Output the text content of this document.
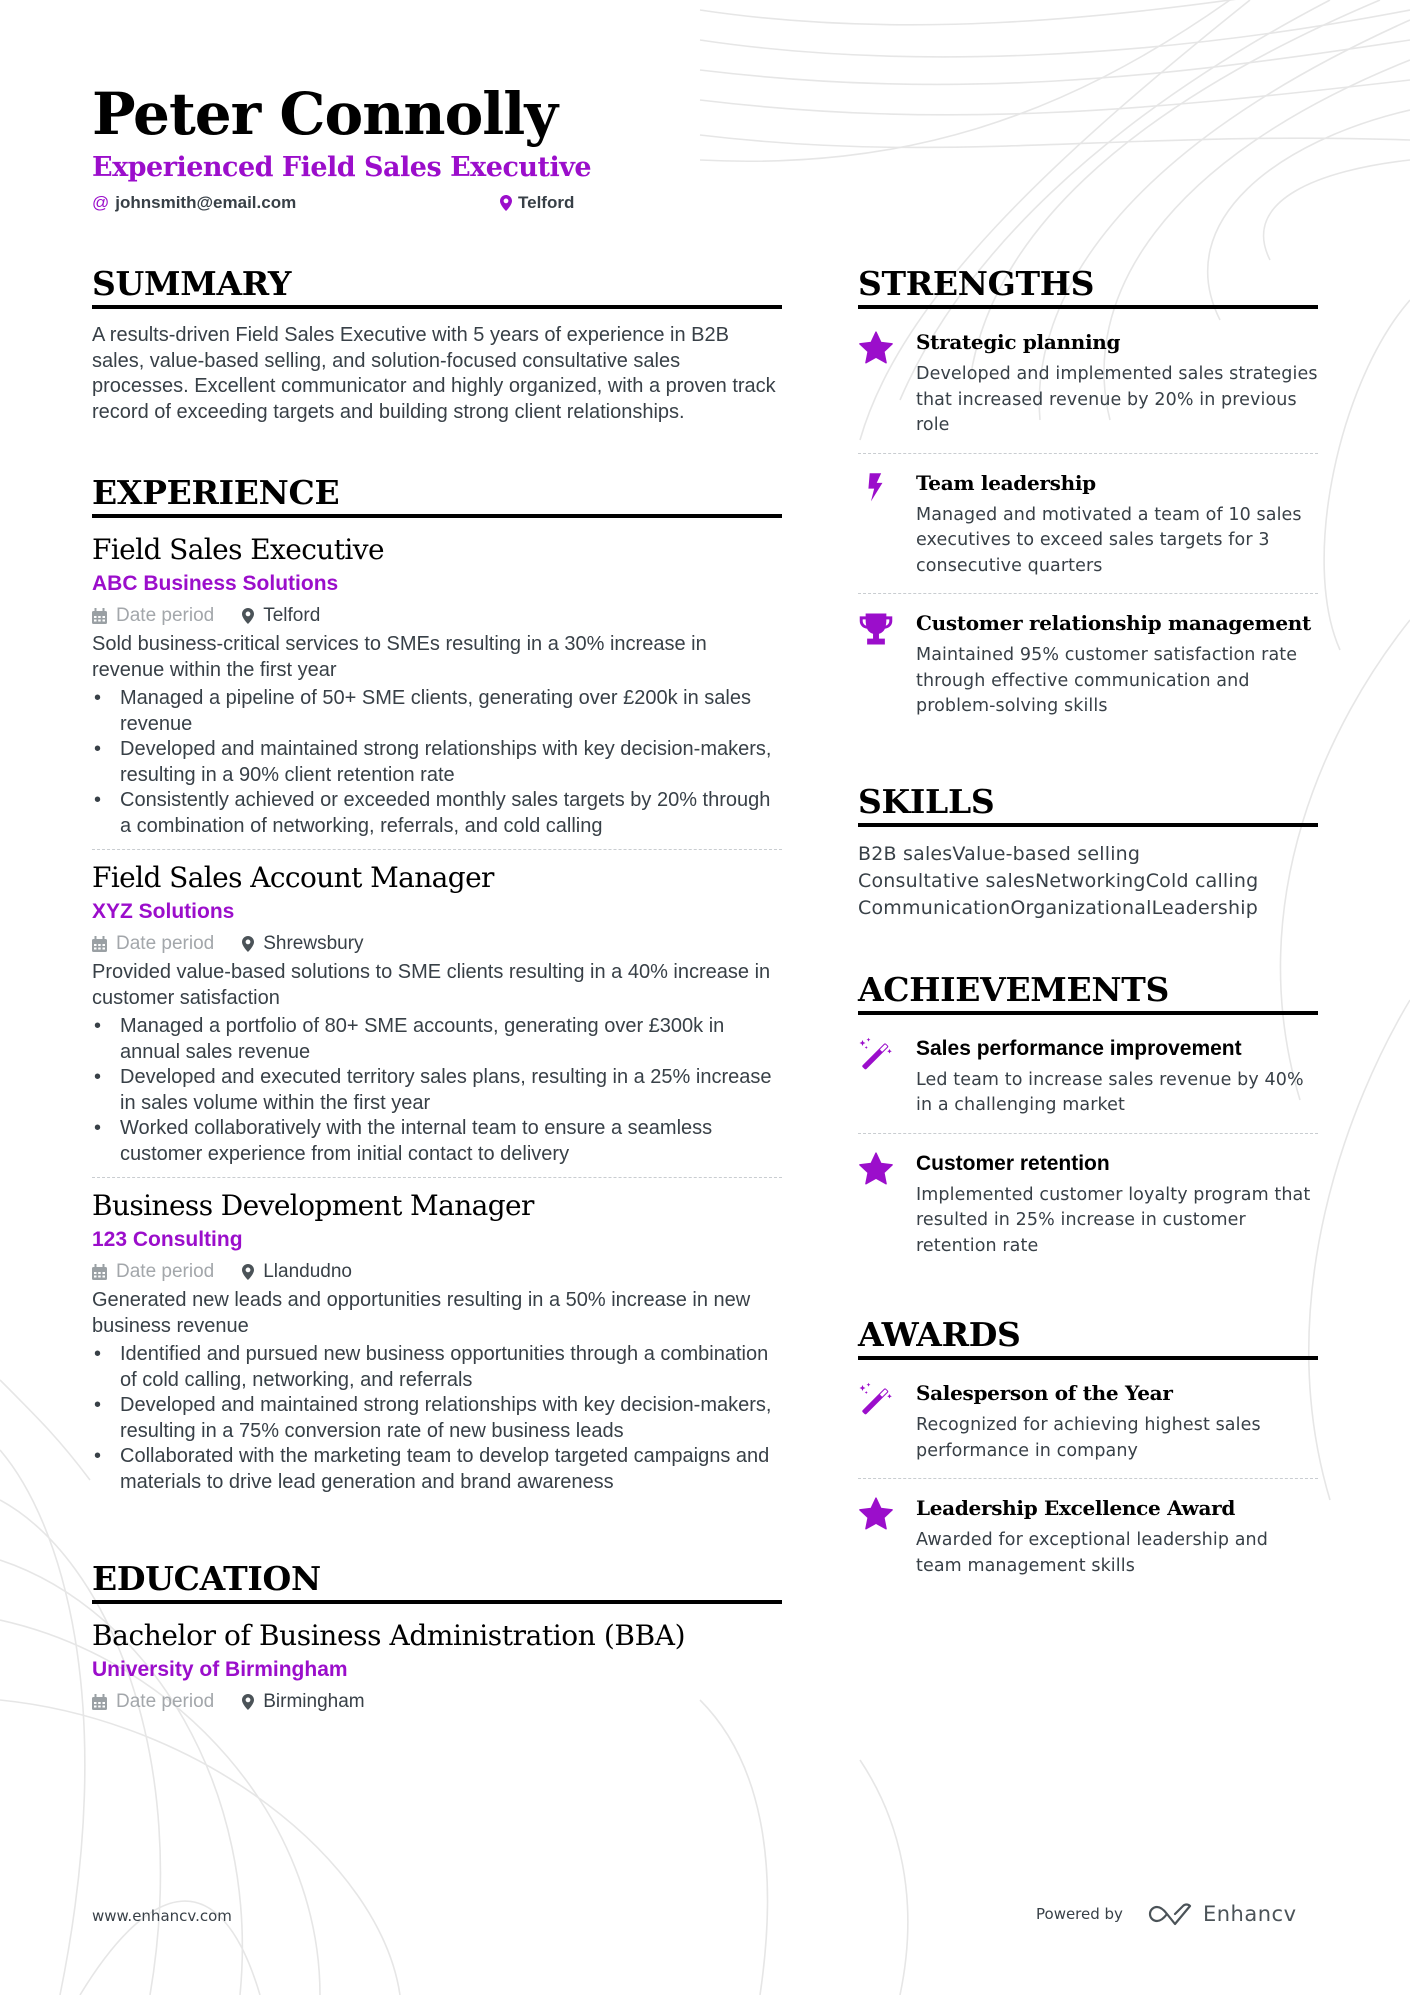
Peter Connolly
Experienced Field Sales Executive
@ johnsmith@email.com	Telford
SUMMARY

A results-driven Field Sales Executive with 5 years of experience in B2B sales, value-based selling, and solution-focused consultative sales processes. Excellent communicator and highly organized, with a proven track record of exceeding targets and building strong client relationships.

EXPERIENCE
Field Sales Executive
ABC Business Solutions
Date period	Telford

Sold business-critical services to SMEs resulting in a 30% increase in revenue within the first year

• Managed a pipeline of 50+ SME clients, generating over £200k in sales revenue
• Developed and maintained strong relationships with key decision-makers, resulting in a 90% client retention rate
• Consistently achieved or exceeded monthly sales targets by 20% through a combination of networking, referrals, and cold calling
Field Sales Account Manager
XYZ Solutions
Date period	Shrewsbury

Provided value-based solutions to SME clients resulting in a 40% increase in customer satisfaction

• Managed a portfolio of 80+ SME accounts, generating over £300k in annual sales revenue
• Developed and executed territory sales plans, resulting in a 25% increase in sales volume within the first year
• Worked collaboratively with the internal team to ensure a seamless customer experience from initial contact to delivery
Business Development Manager
123 Consulting
Date period	Llandudno

Generated new leads and opportunities resulting in a 50% increase in new business revenue

• Identified and pursued new business opportunities through a combination of cold calling, networking, and referrals
• Developed and maintained strong relationships with key decision-makers, resulting in a 75% conversion rate of new business leads
• Collaborated with the marketing team to develop targeted campaigns and materials to drive lead generation and brand awareness
EDUCATION
Bachelor of Business Administration (BBA)
University of Birmingham
Date period	Birmingham
STRENGTHS
Strategic planning
Developed and implemented sales strategies that increased revenue by 20% in previous role
Team leadership
Managed and motivated a team of 10 sales executives to exceed sales targets for 3 consecutive quarters
Customer relationship management
Maintained 95% customer satisfaction rate through effective communication and problem-solving skills
SKILLS
B2B salesValue-based selling
Consultative salesNetworkingCold calling
CommunicationOrganizationalLeadership
ACHIEVEMENTS
Sales performance improvement
Led team to increase sales revenue by 40% in a challenging market
Customer retention
Implemented customer loyalty program that resulted in 25% increase in customer retention rate
AWARDS
Salesperson of the Year
Recognized for achieving highest sales performance in company
Leadership Excellence Award
Awarded for exceptional leadership and team management skills
www.enhancv.com	Powered by	Enhancv
